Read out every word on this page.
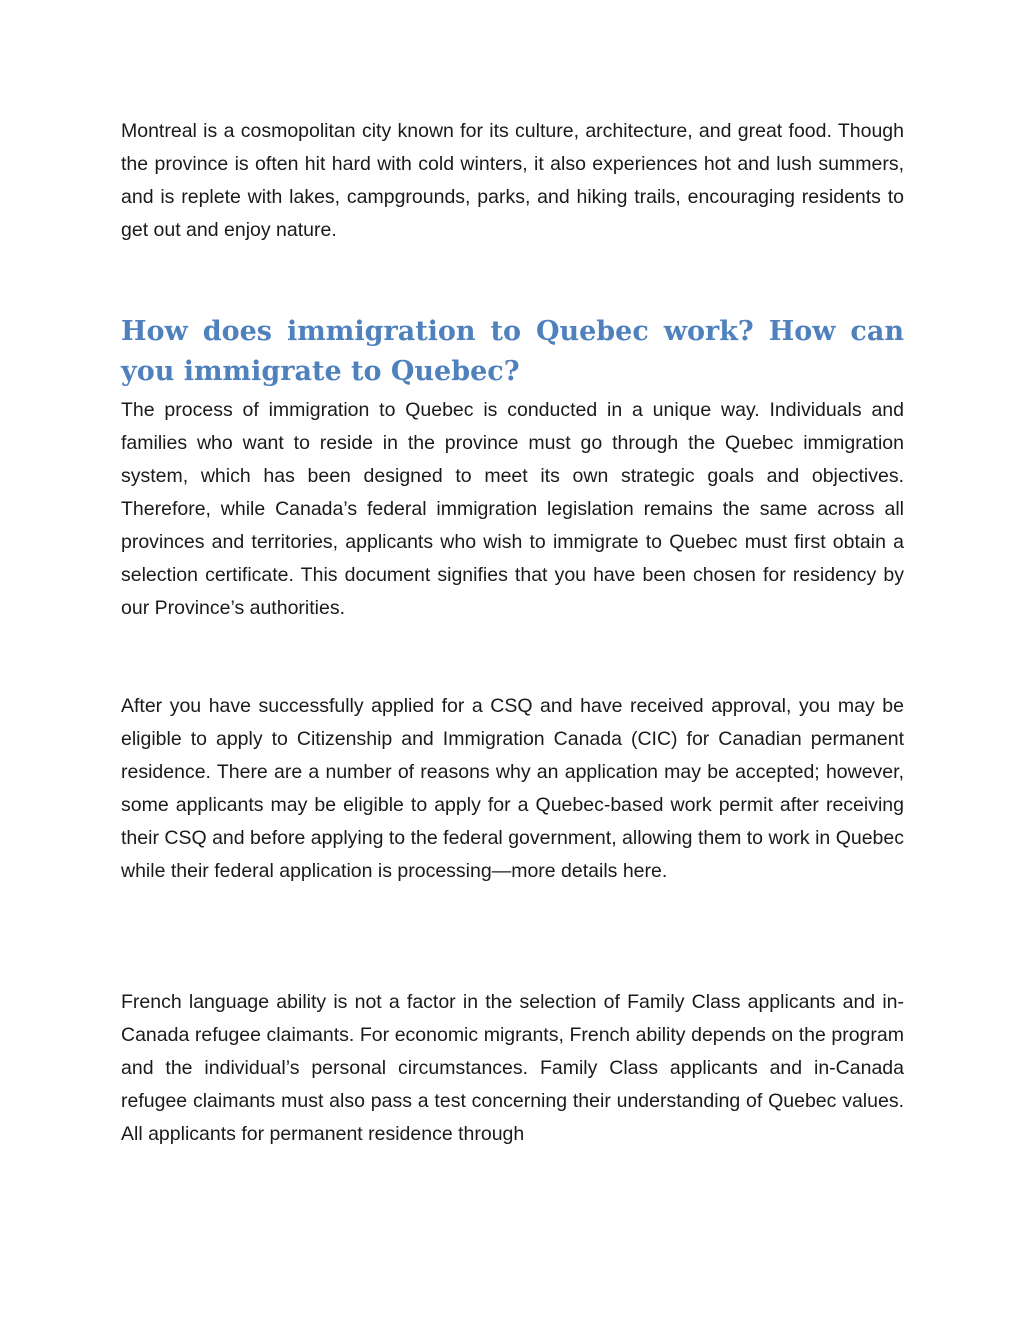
Montreal is a cosmopolitan city known for its culture, architecture, and great food. Though the province is often hit hard with cold winters, it also experiences hot and lush summers, and is replete with lakes, campgrounds, parks, and hiking trails, encouraging residents to get out and enjoy nature.

How does immigration to Quebec work? How can you immigrate to Quebec?

The process of immigration to Quebec is conducted in a unique way. Individuals and families who want to reside in the province must go through the Quebec immigration system, which has been designed to meet its own strategic goals and objectives. Therefore, while Canada’s federal immigration legislation remains the same across all provinces and territories, applicants who wish to immigrate to Quebec must first obtain a selection certificate. This document signifies that you have been chosen for residency by our Province’s authorities.

After you have successfully applied for a CSQ and have received approval, you may be eligible to apply to Citizenship and Immigration Canada (CIC) for Canadian permanent residence. There are a number of reasons why an application may be accepted; however, some applicants may be eligible to apply for a Quebec-based work permit after receiving their CSQ and before applying to the federal government, allowing them to work in Quebec while their federal application is processing—more details here.

French language ability is not a factor in the selection of Family Class applicants and in-Canada refugee claimants. For economic migrants, French ability depends on the program and the individual’s personal circumstances. Family Class applicants and in-Canada refugee claimants must also pass a test concerning their understanding of Quebec values. All applicants for permanent residence through
